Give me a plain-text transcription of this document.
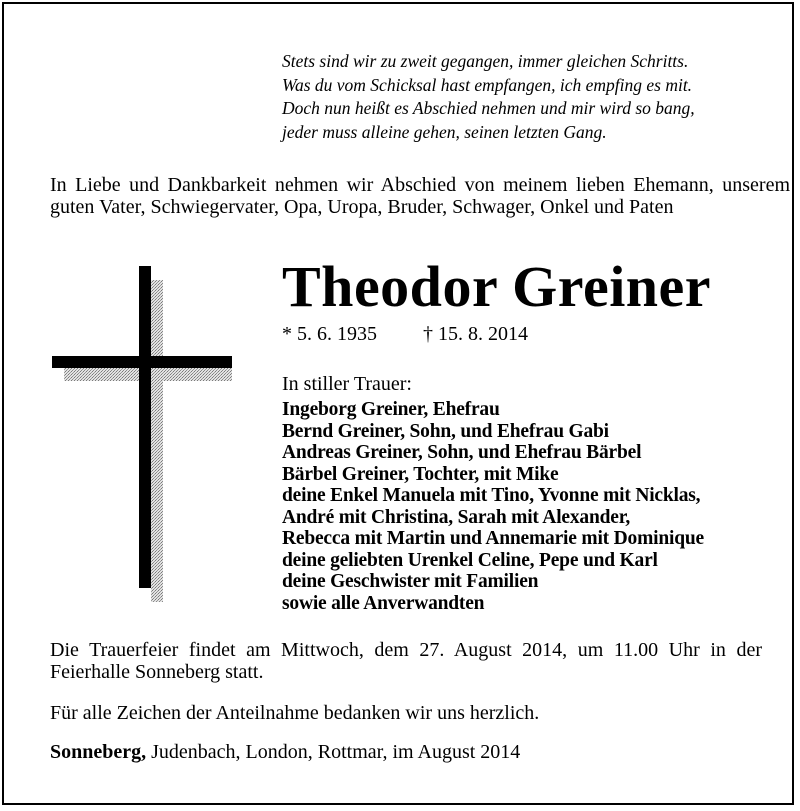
Stets sind wir zu zweit gegangen, immer gleichen Schritts.
Was du vom Schicksal hast empfangen, ich empfing es mit.
Doch nun heißt es Abschied nehmen und mir wird so bang,
jeder muss alleine gehen, seinen letzten Gang.
In Liebe und Dankbarkeit nehmen wir Abschied von meinem lieben Ehemann, unserem guten Vater, Schwiegervater, Opa, Uropa, Bruder, Schwager, Onkel und Paten
Theodor Greiner
* 5. 6. 1935 † 15. 8. 2014
In stiller Trauer:
Ingeborg Greiner, Ehefrau
Bernd Greiner, Sohn, und Ehefrau Gabi
Andreas Greiner, Sohn, und Ehefrau Bärbel
Bärbel Greiner, Tochter, mit Mike
deine Enkel Manuela mit Tino, Yvonne mit Nicklas,
André mit Christina, Sarah mit Alexander,
Rebecca mit Martin und Annemarie mit Dominique
deine geliebten Urenkel Celine, Pepe und Karl
deine Geschwister mit Familien
sowie alle Anverwandten
Die Trauerfeier findet am Mittwoch, dem 27. August 2014, um 11.00 Uhr in der Feierhalle Sonneberg statt.
Für alle Zeichen der Anteilnahme bedanken wir uns herzlich.
Sonneberg, Judenbach, London, Rottmar, im August 2014
